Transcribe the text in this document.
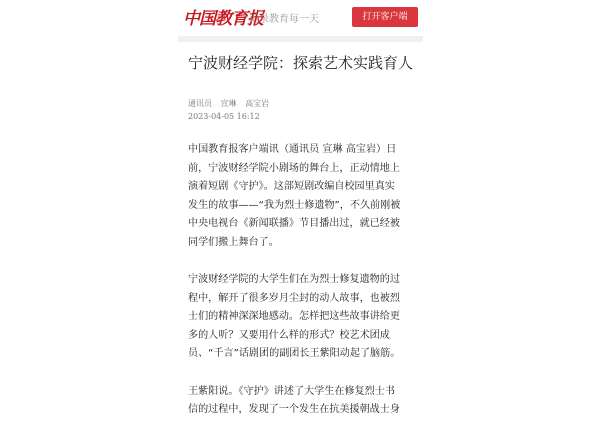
中国教育报
记录教育每一天	打开客户端
宁波财经学院：探索艺术实践育人
通讯员 宣琳 高宝岩
2023-04-05 16:12

中国教育报客户端讯（通讯员 宣琳 高宝岩）日
前，宁波财经学院小剧场的舞台上，正动情地上
演着短剧《守护》。这部短剧改编自校园里真实
发生的故事——“我为烈士修遗物”，不久前刚被
中央电视台《新闻联播》节目播出过，就已经被
同学们搬上舞台了。

宁波财经学院的大学生们在为烈士修复遗物的过
程中，解开了很多岁月尘封的动人故事，也被烈
士们的精神深深地感动。怎样把这些故事讲给更
多的人听？又要用什么样的形式？校艺术团成
员、“千言”话剧团的副团长王紫阳动起了脑筋。

王紫阳说。《守护》讲述了大学生在修复烈士书
信的过程中，发现了一个发生在抗美援朝战士身
